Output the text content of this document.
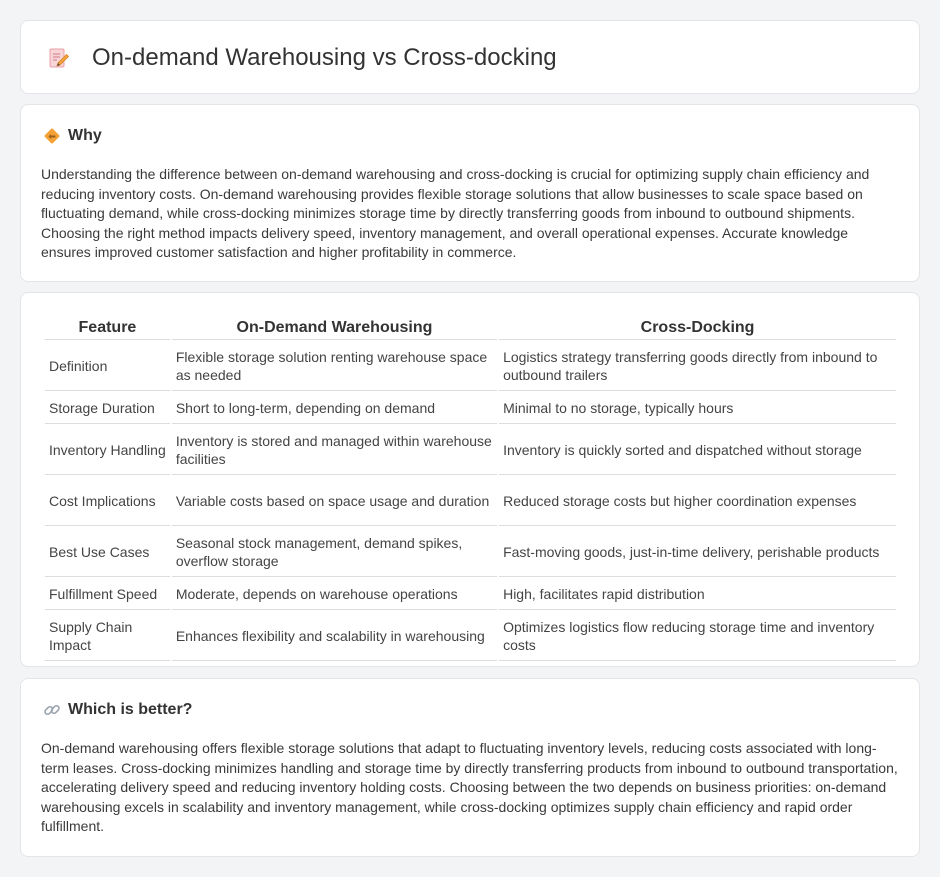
On-demand Warehousing vs Cross-docking
Why

Understanding the difference between on-demand warehousing and cross-docking is crucial for optimizing supply chain efficiency and reducing inventory costs. On-demand warehousing provides flexible storage solutions that allow businesses to scale space based on fluctuating demand, while cross-docking minimizes storage time by directly transferring goods from inbound to outbound shipments. Choosing the right method impacts delivery speed, inventory management, and overall operational expenses. Accurate knowledge ensures improved customer satisfaction and higher profitability in commerce.

Feature	On-Demand Warehousing	Cross-Docking
Definition	Flexible storage solution renting warehouse space as needed	Logistics strategy transferring goods directly from inbound to outbound trailers
Storage Duration	Short to long-term, depending on demand	Minimal to no storage, typically hours
Inventory Handling	Inventory is stored and managed within warehouse facilities	Inventory is quickly sorted and dispatched without storage
Cost Implications	Variable costs based on space usage and duration	Reduced storage costs but higher coordination expenses
Best Use Cases	Seasonal stock management, demand spikes, overflow storage	Fast-moving goods, just-in-time delivery, perishable products
Fulfillment Speed	Moderate, depends on warehouse operations	High, facilitates rapid distribution
Supply Chain Impact	Enhances flexibility and scalability in warehousing	Optimizes logistics flow reducing storage time and inventory costs
Which is better?

On-demand warehousing offers flexible storage solutions that adapt to fluctuating inventory levels, reducing costs associated with long-term leases. Cross-docking minimizes handling and storage time by directly transferring products from inbound to outbound transportation, accelerating delivery speed and reducing inventory holding costs. Choosing between the two depends on business priorities: on-demand warehousing excels in scalability and inventory management, while cross-docking optimizes supply chain efficiency and rapid order fulfillment.
